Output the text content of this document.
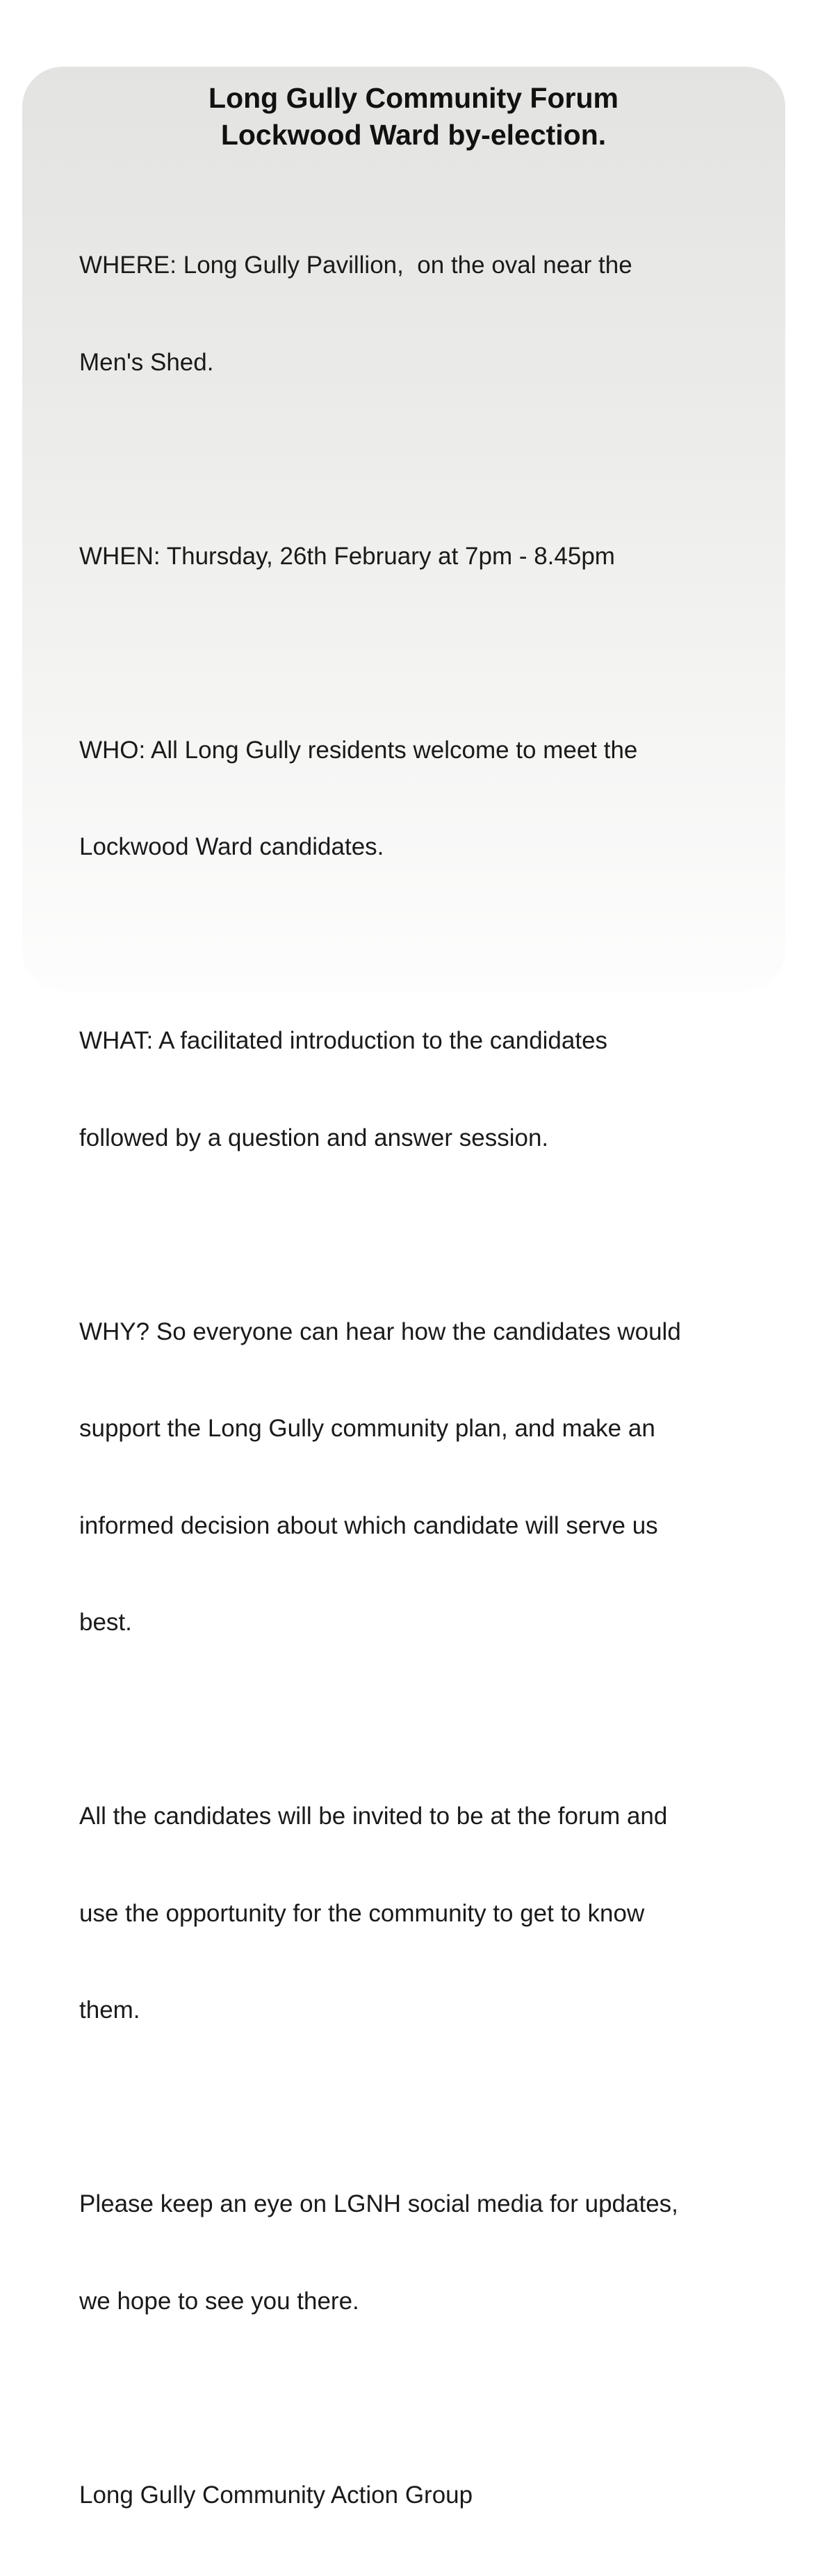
Long Gully Community Forum
Lockwood Ward by-election.

WHERE: Long Gully Pavillion,  on the oval near the

Men's Shed.

WHEN: Thursday, 26th February at 7pm - 8.45pm

WHO: All Long Gully residents welcome to meet the

Lockwood Ward candidates.

WHAT: A facilitated introduction to the candidates

followed by a question and answer session.

WHY? So everyone can hear how the candidates would

support the Long Gully community plan, and make an

informed decision about which candidate will serve us

best.

All the candidates will be invited to be at the forum and

use the opportunity for the community to get to know

them.

Please keep an eye on LGNH social media for updates,

we hope to see you there.

Long Gully Community Action Group
